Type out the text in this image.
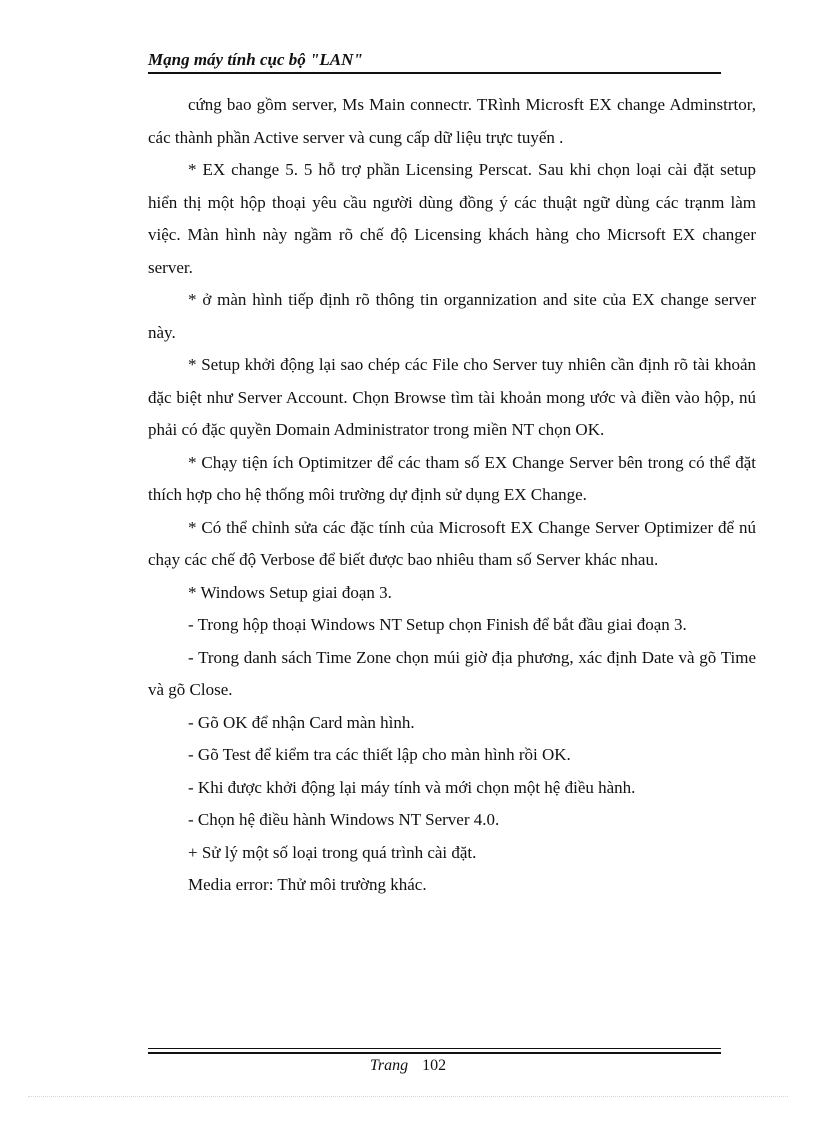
Mạng máy tính cục bộ "LAN"

cứng bao gồm server, Ms Main connectr. TRình Microsft EX change Adminstrtor, các thành phần Active server và cung cấp dữ liệu trực tuyến .

* EX change 5. 5 hỗ trợ phần Licensing Perscat. Sau khi chọn loại cài đặt setup hiển thị một hộp thoại yêu cầu người dùng đồng ý các thuật ngữ dùng các trạnm làm việc. Màn hình này ngầm rõ chế độ Licensing khách hàng cho Micrsoft EX changer server.

* ở màn hình tiếp định rõ thông tin organnization and site của EX change server này.

* Setup khởi động lại sao chép các File cho Server tuy nhiên cần định rõ tài khoản đặc biệt như Server Account. Chọn Browse tìm tài khoản mong ước và điền vào hộp, nú phải có đặc quyền Domain Administrator trong miền NT chọn OK.

* Chạy tiện ích Optimitzer để các tham số EX Change Server bên trong có thể đặt thích hợp cho hệ thống môi trường dự định sử dụng EX Change.

* Có thể chỉnh sửa các đặc tính của Microsoft EX Change Server Optimizer để nú chạy các chế độ Verbose để biết được bao nhiêu tham số Server khác nhau.

* Windows Setup giai đoạn 3.

- Trong hộp thoại Windows NT Setup chọn Finish để bắt đầu giai đoạn 3.

- Trong danh sách Time Zone chọn múi giờ địa phương, xác định Date và gõ Time và gõ Close.

- Gõ OK để nhận Card màn hình.

- Gõ Test để kiểm tra các thiết lập cho màn hình rồi OK.

- Khi được khởi động lại máy tính và mới chọn một hệ điều hành.

- Chọn hệ điều hành Windows NT Server 4.0.

+ Sử lý một số loại trong quá trình cài đặt.

Media error: Thử môi trường khác.

Trang 102
